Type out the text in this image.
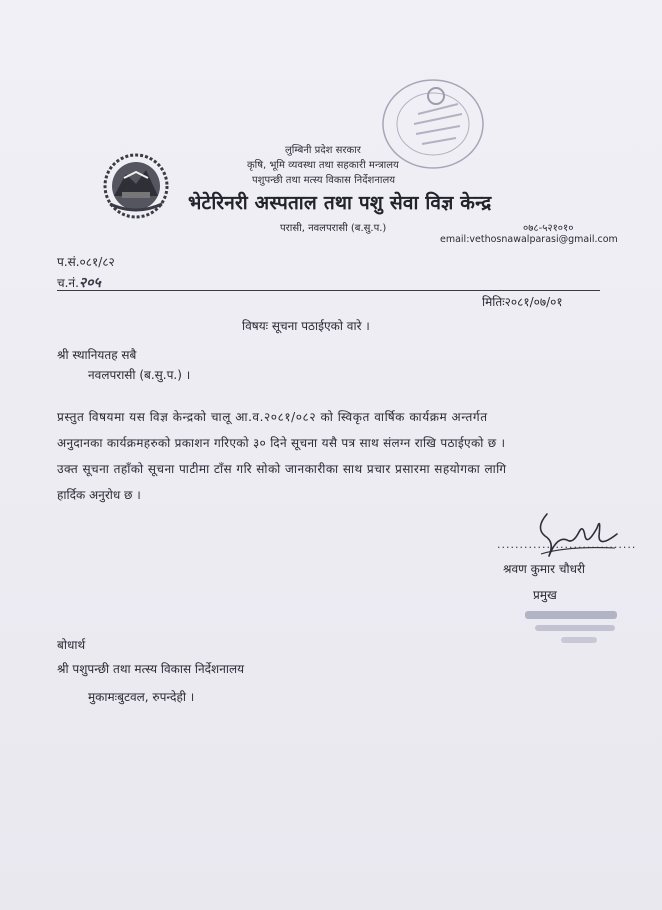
लुम्बिनी प्रदेश सरकार
कृषि, भूमि व्यवस्था तथा सहकारी मन्त्रालय
पशुपन्छी तथा मत्स्य विकास निर्देशनालय
भेटेरिनरी अस्पताल तथा पशु सेवा विज्ञ केन्द्र
परासी, नवलपरासी (ब.सु.प.)	०७८-५२१०१०
email:vethosnawalparasi@gmail.com
प.सं.०८१/८२
च.नं.२०५
मितिः२०८१/०७/०१
विषयः सूचना पठाईएको वारे ।
श्री स्थानियतह सबै
नवलपरासी (ब.सु.प.) ।
प्रस्तुत विषयमा यस विज्ञ केन्द्रको चालू आ.व.२०८१/०८२ को स्विकृत वार्षिक कार्यक्रम अन्तर्गत
अनुदानका कार्यक्रमहरुको प्रकाशन गरिएको ३० दिने सूचना यसै पत्र साथ संलग्न राखि पठाईएको छ ।
उक्त सूचना तहाँको सूचना पाटीमा टाँस गरि सोको जानकारीका साथ प्रचार प्रसारमा सहयोगका लागि
हार्दिक अनुरोध छ ।
...............................
श्रवण कुमार चौधरी
प्रमुख
बोधार्थ
श्री पशुपन्छी तथा मत्स्य विकास निर्देशनालय
मुकामःबुटवल, रुपन्देही ।
